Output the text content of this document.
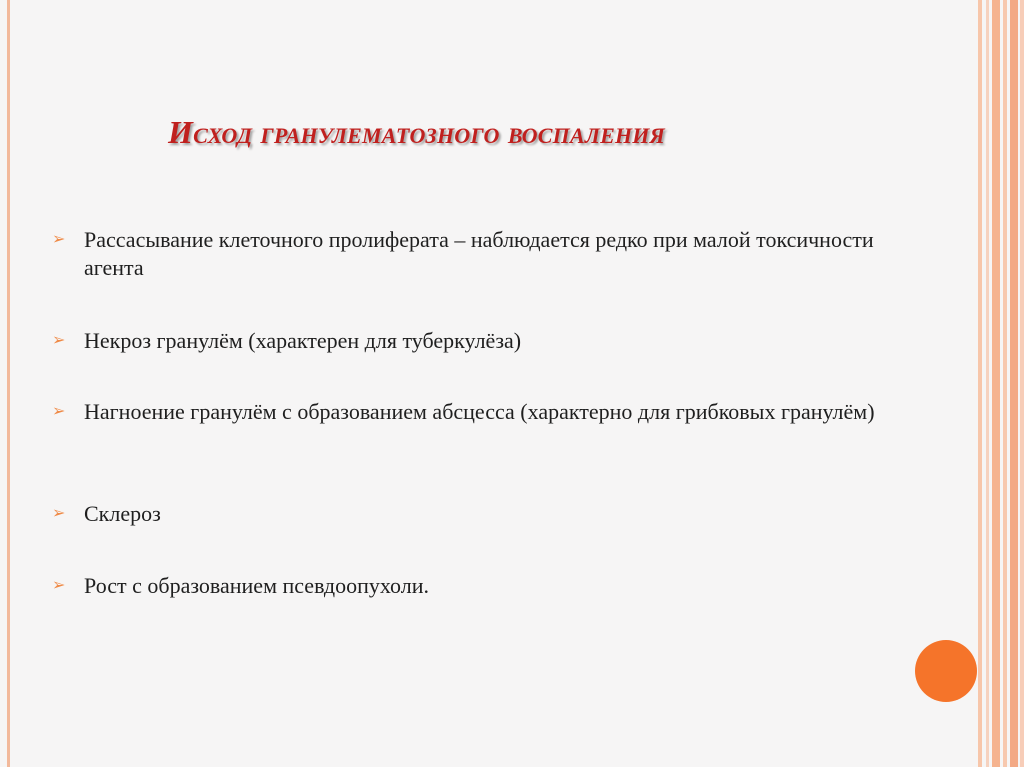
Исход гранулематозного воспаления
➢ Рассасывание клеточного пролиферата – наблюдается редко при малой токсичности агента
➢ Некроз гранулём (характерен для туберкулёза)
➢ Нагноение гранулём с образованием абсцесса (характерно для грибковых гранулём)
➢ Склероз
➢ Рост с образованием псевдоопухоли.
